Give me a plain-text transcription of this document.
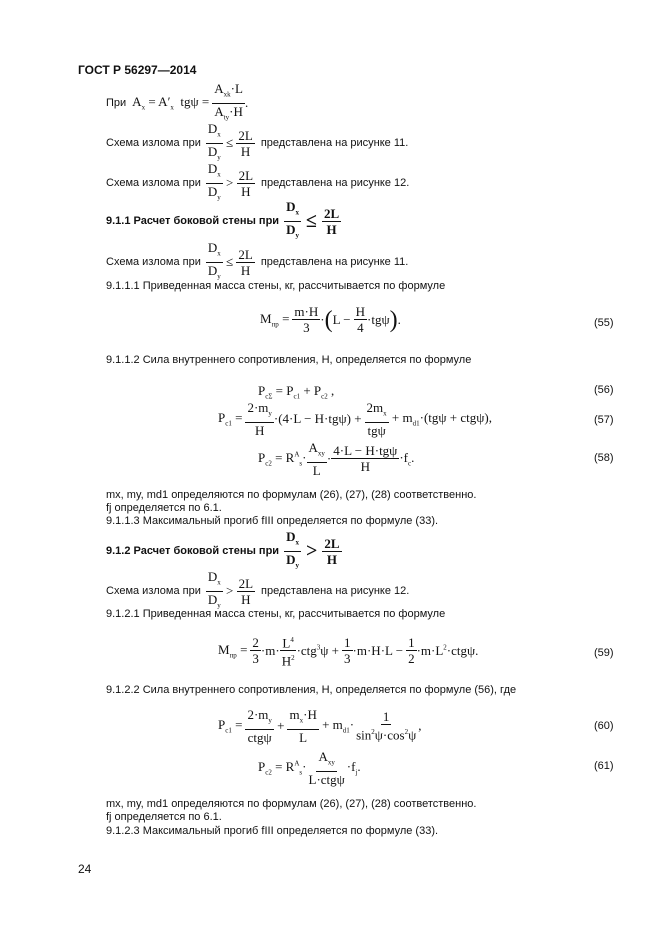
ГОСТ Р 56297—2014
При $A_x = A'_x$  tgψ =
$A_{xk}\cdot L$
$A_{ty}\cdot H$
.
Схема излома при $\frac{D_x}{D_y} \le \frac{2L}{H}$ представлена на рисунке 11.
Схема излома при
$D_x$
$D_y$
> 2L
H
представлена на рисунке 12.
9.1.1 Расчет боковой стены при $\frac{D_x}{D_y} \le \frac{2L}{H}$
Схема излома при $\frac{D_x}{D_y} \le \frac{2L}{H}$ представлена на рисунке 11.
9.1.1.1 Приведенная масса стены, кг, рассчитывается по формуле
$M_{пр} = \frac{m\cdot H}{3}$ · ( $L - \frac{H}{4} \cdot tg\psi$ ) .	(55)
9.1.1.2 Сила внутреннего сопротивления, Н, определяется по формуле
$P_{c\Sigma} = P_{c1} + P_{c2}$ ,	(56)
$P_{c1} = \frac{2\cdot m_y}{H} \cdot(4\cdot L - H\cdot tg\psi)$ +
$2m_x$
tgψ
+ $m_{d1}\cdot(tg\psi + ctg\psi)$,	(57)
$P_{c2} = R^A_s\cdot$
$A_{xy}$
L
· 4·L − H·tgψ
H
$\cdot f_c$.	(58)
mx, my, md1 определяются по формулам (26), (27), (28) соответственно.
fj определяется по 6.1.
9.1.1.3 Максимальный прогиб fIII определяется по формуле (33).
9.1.2 Расчет боковой стены при
$D_x$
$D_y$
> 2L
H
Схема излома при
$D_x$
$D_y$
> 2L
H
представлена на рисунке 12.
9.1.2.1 Приведенная масса стены, кг, рассчитывается по формуле
$M_{пр} = \frac{2}{3} \cdot m\cdot L^4$
$H^2$
$\cdot ctg^3\psi + \frac{1}{3} \cdot m\cdot H\cdot L - \frac{1}{2} \cdot m\cdot L^2\cdot ctg\psi$.	(59)
9.1.2.2 Сила внутреннего сопротивления, Н, определяется по формуле (56), где
$P_{c1}$ =
$2\cdot m_y$
ctgψ
+ $\frac{m_x\cdot H}{L} + m_{d1}\cdot$
1
$\sin^2\psi\cdot\cos^2\psi$
,	(60)
$P_{c2} = R^A_s\cdot$
$A_{xy}$
L·ctgψ
$\cdot f_j$.	(61)
mx, my, md1 определяются по формулам (26), (27), (28) соответственно.
fj определяется по 6.1.
9.1.2.3 Максимальный прогиб fIII определяется по формуле (33).
24
